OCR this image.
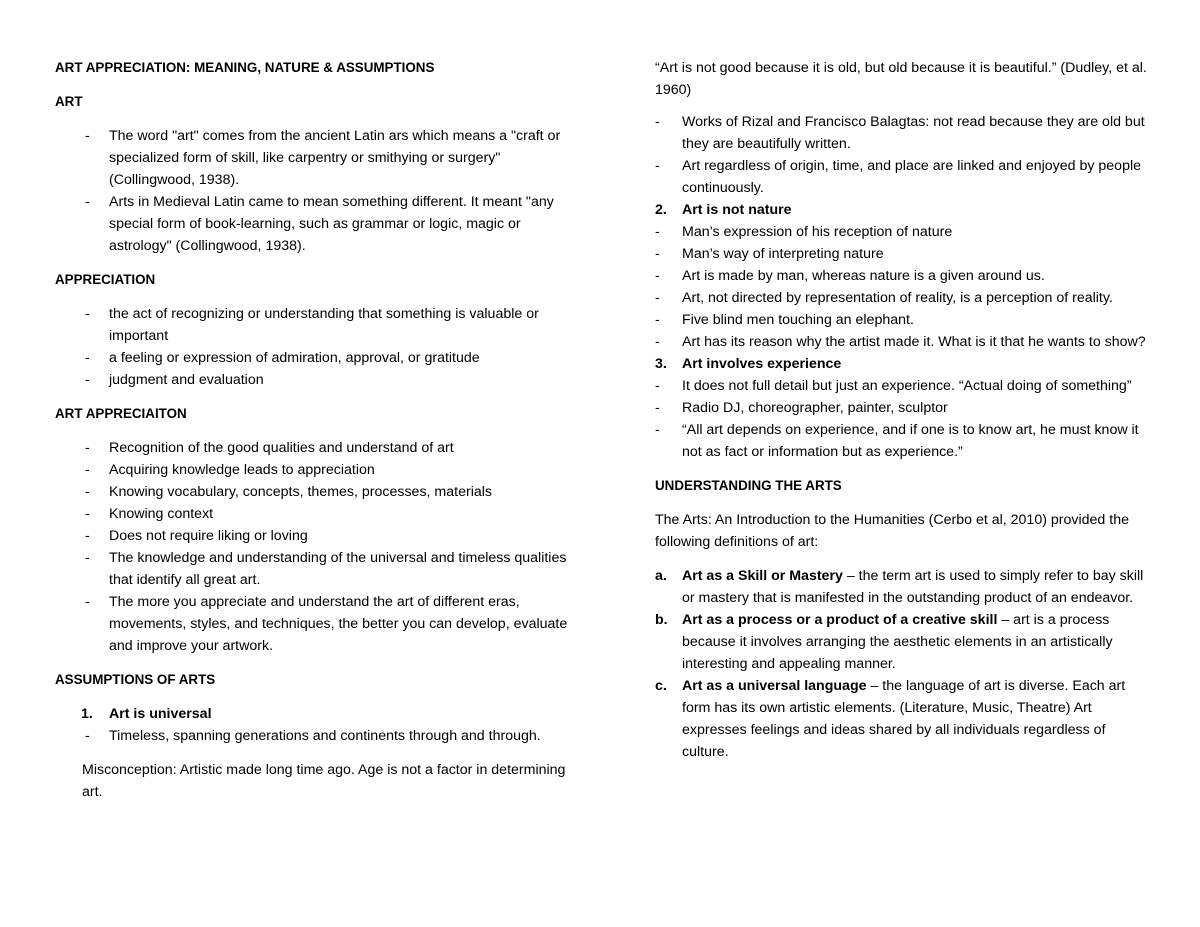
ART APPRECIATION: MEANING, NATURE & ASSUMPTIONS
ART
- The word "art" comes from the ancient Latin ars which means a "craft or specialized form of skill, like carpentry or smithying or surgery" (Collingwood, 1938).
- Arts in Medieval Latin came to mean something different. It meant "any special form of book-learning, such as grammar or logic, magic or astrology" (Collingwood, 1938).
APPRECIATION
- the act of recognizing or understanding that something is valuable or important
- a feeling or expression of admiration, approval, or gratitude
- judgment and evaluation
ART APPRECIAITON
- Recognition of the good qualities and understand of art
- Acquiring knowledge leads to appreciation
- Knowing vocabulary, concepts, themes, processes, materials
- Knowing context
- Does not require liking or loving
- The knowledge and understanding of the universal and timeless qualities that identify all great art.
- The more you appreciate and understand the art of different eras, movements, styles, and techniques, the better you can develop, evaluate and improve your artwork.
ASSUMPTIONS OF ARTS
1. Art is universal
- Timeless, spanning generations and continents through and through.
Misconception: Artistic made long time ago. Age is not a factor in determining art.
“Art is not good because it is old, but old because it is beautiful.” (Dudley, et al. 1960)
- Works of Rizal and Francisco Balagtas: not read because they are old but they are beautifully written.
- Art regardless of origin, time, and place are linked and enjoyed by people continuously.
2. Art is not nature
- Man’s expression of his reception of nature
- Man’s way of interpreting nature
- Art is made by man, whereas nature is a given around us.
- Art, not directed by representation of reality, is a perception of reality.
- Five blind men touching an elephant.
- Art has its reason why the artist made it. What is it that he wants to show?
3. Art involves experience
- It does not full detail but just an experience. “Actual doing of something”
- Radio DJ, choreographer, painter, sculptor
- “All art depends on experience, and if one is to know art, he must know it not as fact or information but as experience.”
UNDERSTANDING THE ARTS
The Arts: An Introduction to the Humanities (Cerbo et al, 2010) provided the following definitions of art:
a. Art as a Skill or Mastery – the term art is used to simply refer to bay skill or mastery that is manifested in the outstanding product of an endeavor.
b. Art as a process or a product of a creative skill – art is a process because it involves arranging the aesthetic elements in an artistically interesting and appealing manner.
c. Art as a universal language – the language of art is diverse. Each art form has its own artistic elements. (Literature, Music, Theatre) Art expresses feelings and ideas shared by all individuals regardless of culture.
